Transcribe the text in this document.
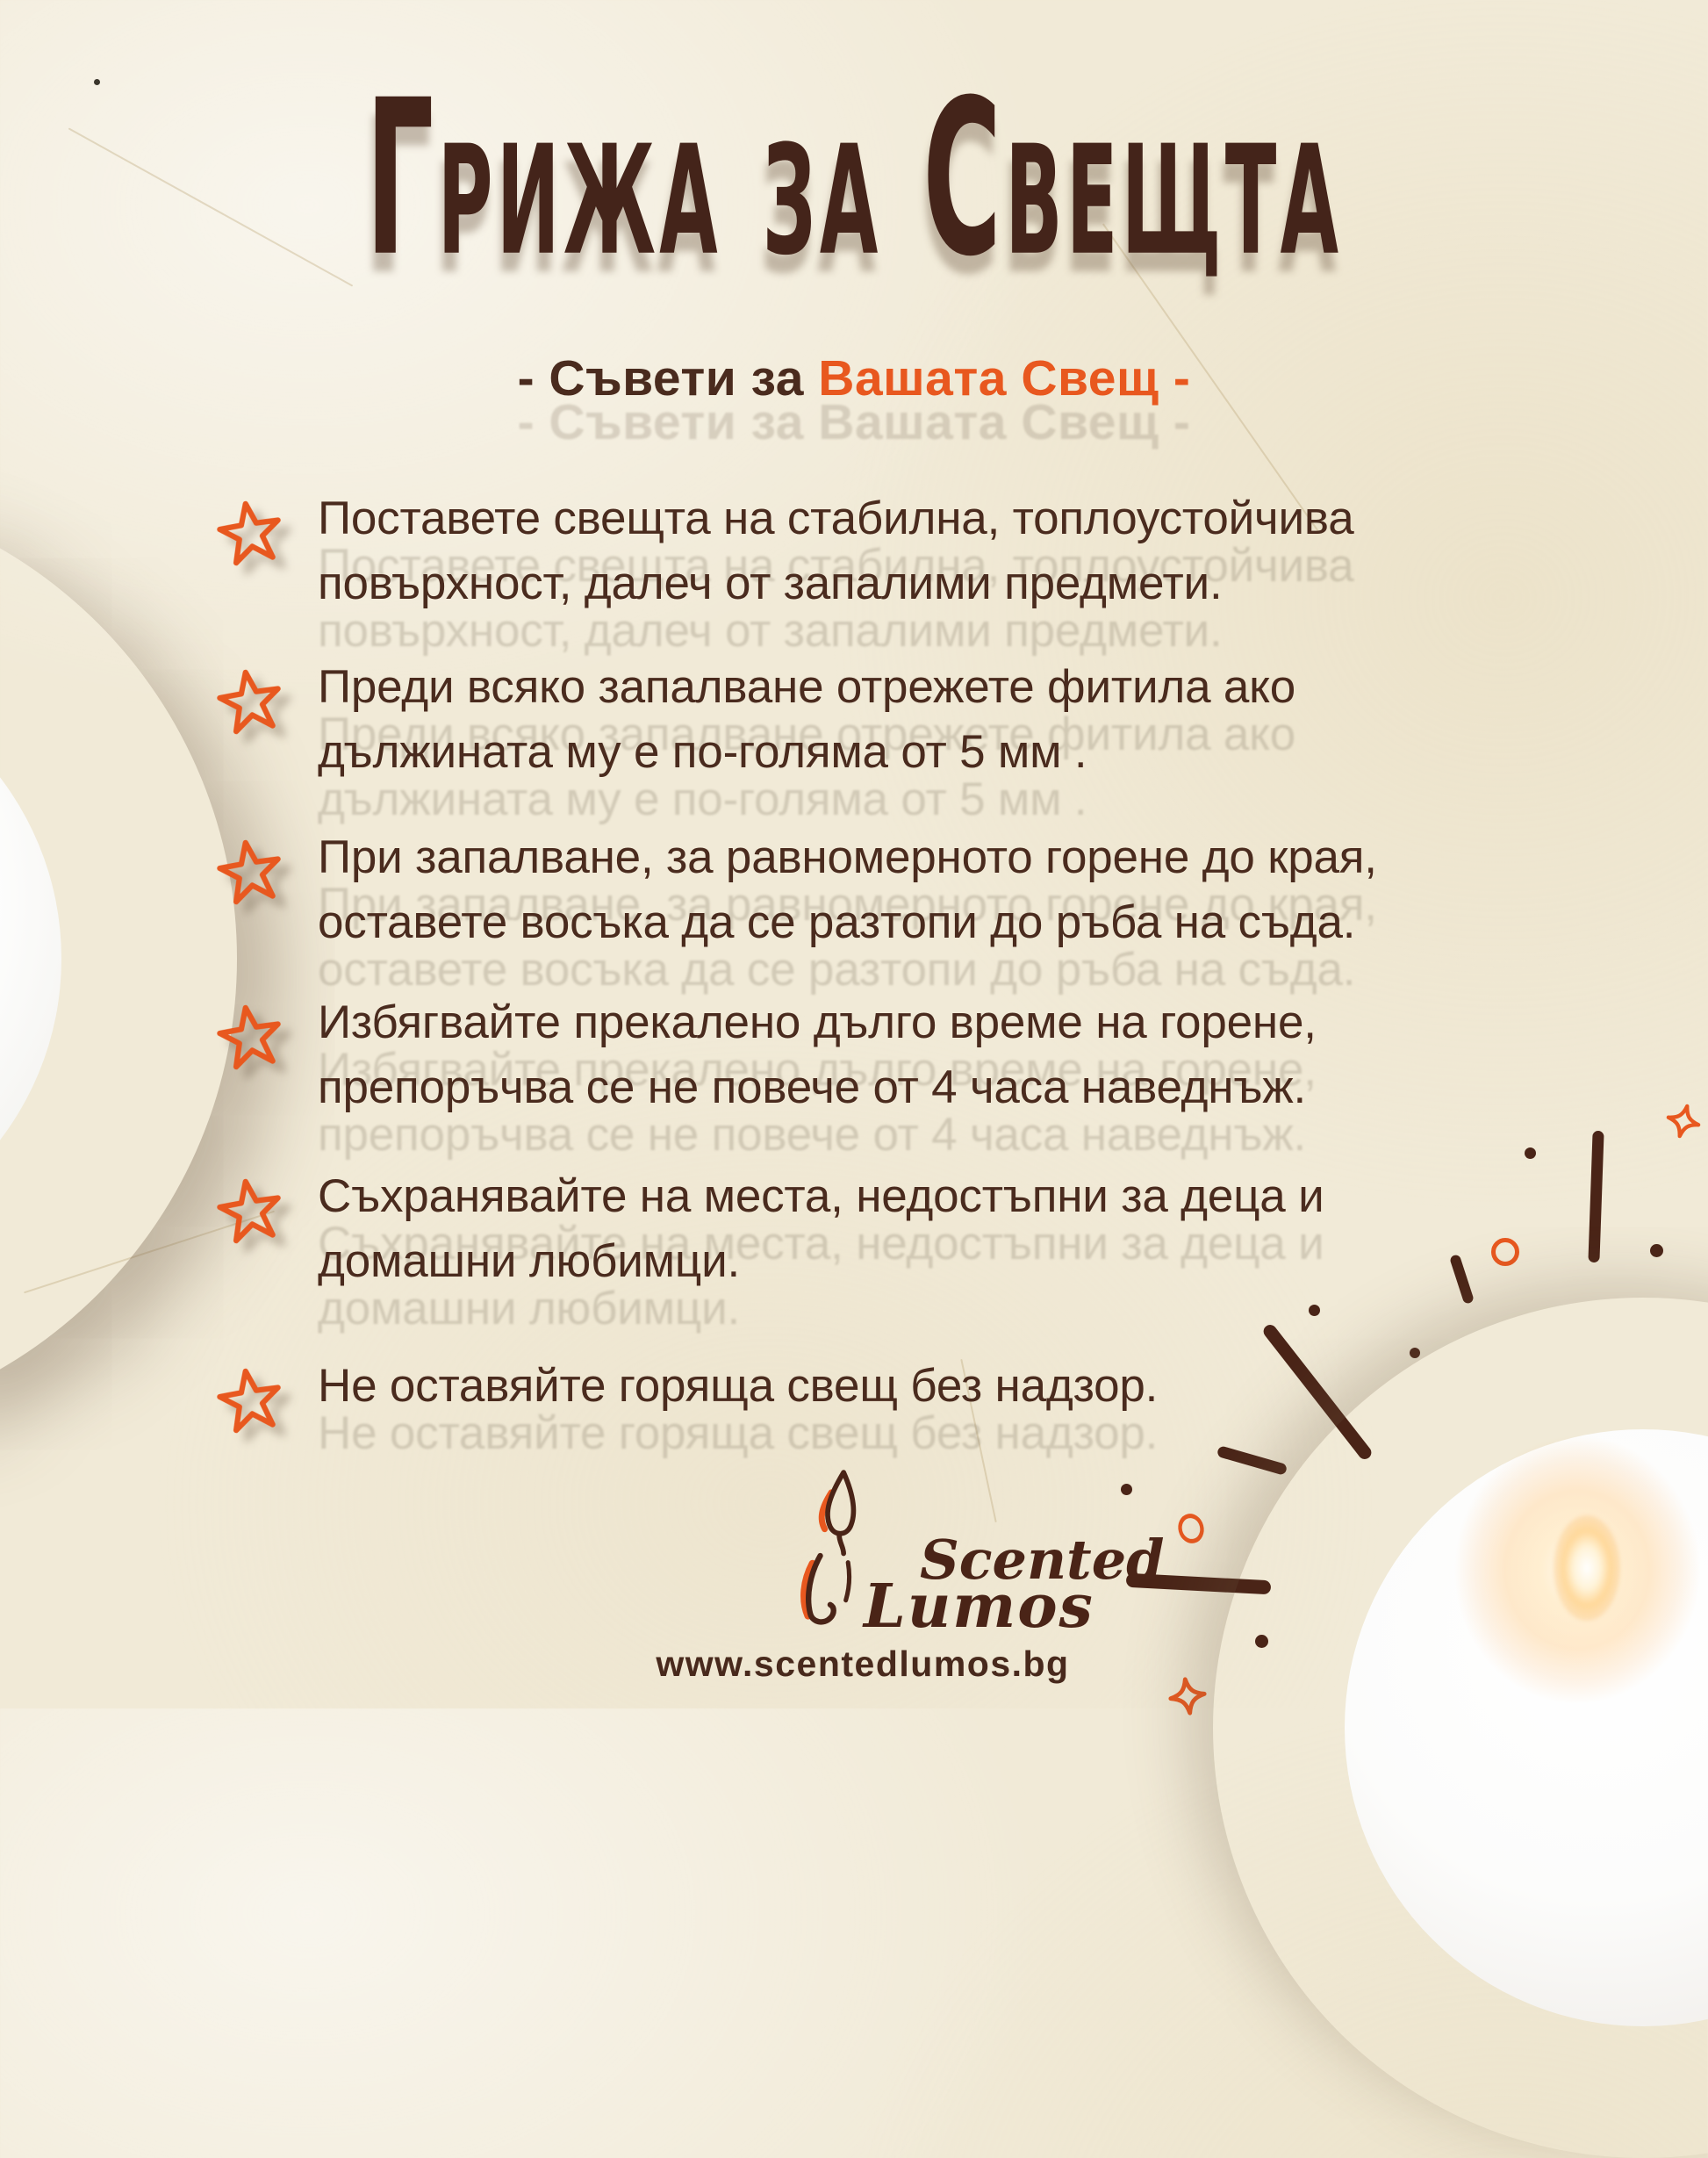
Грижа за Свещта
- Съвети за Вашата Свещ -
Поставете свещта на стабилна, топлоустойчива
повърхност, далеч от запалими предмети.
Преди всяко запалване отрежете фитила ако
дължината му е по-голяма от 5 мм .
При запалване, за равномерното горене до края,
оставете восъка да се разтопи до ръба на съда.
Избягвайте прекалено дълго време на горене,
препоръчва се не повече от 4 часа наведнъж.
Съхранявайте на места, недостъпни за деца и
домашни любимци.
Не оставяйте горяща свещ без надзор.
Scented
Lumos
www.scentedlumos.bg
